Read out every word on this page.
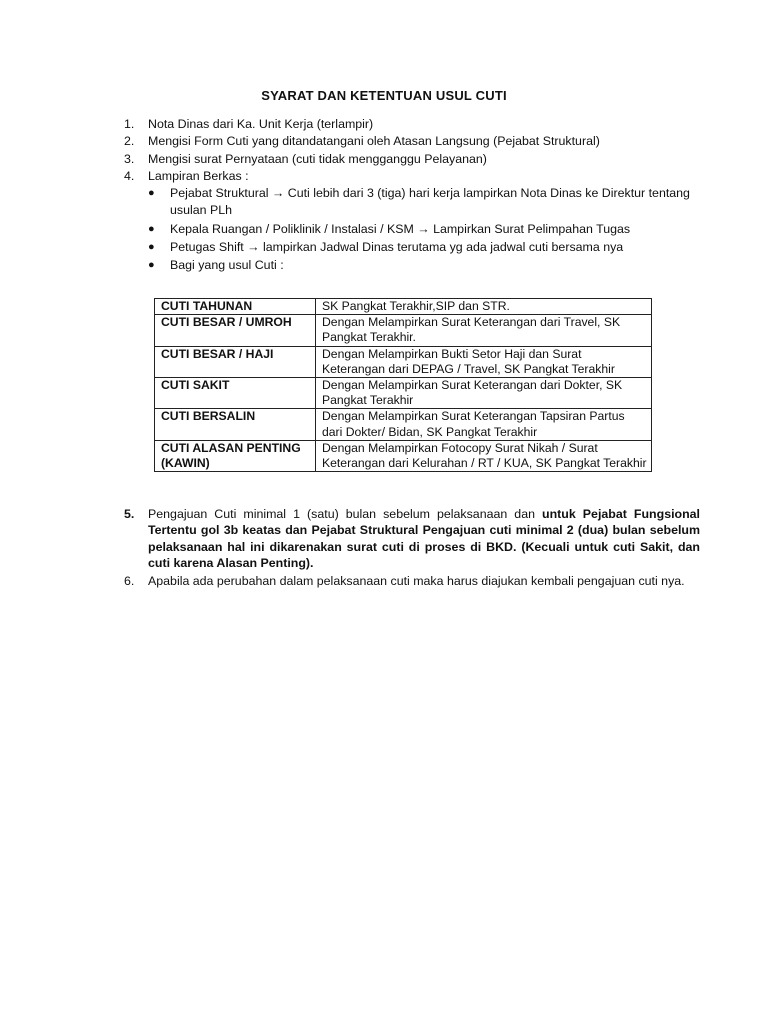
SYARAT DAN KETENTUAN USUL CUTI
1.	Nota Dinas dari Ka. Unit Kerja (terlampir)
2.	Mengisi Form Cuti yang ditandatangani oleh Atasan Langsung (Pejabat Struktural)
3.	Mengisi surat Pernyataan (cuti tidak mengganggu Pelayanan)
4.	Lampiran Berkas :
●	Pejabat Struktural → Cuti lebih dari 3 (tiga) hari kerja lampirkan Nota Dinas ke Direktur tentang usulan PLh
●	Kepala Ruangan / Poliklinik / Instalasi / KSM → Lampirkan Surat Pelimpahan Tugas
●	Petugas Shift → lampirkan Jadwal Dinas terutama yg ada jadwal cuti bersama nya
●	Bagi yang usul Cuti :
CUTI TAHUNAN	SK Pangkat Terakhir,SIP dan STR.
CUTI BESAR / UMROH	Dengan Melampirkan Surat Keterangan dari Travel, SK Pangkat Terakhir.
CUTI BESAR / HAJI	Dengan Melampirkan Bukti Setor Haji dan Surat Keterangan dari DEPAG / Travel, SK Pangkat Terakhir
CUTI SAKIT	Dengan Melampirkan Surat Keterangan dari Dokter, SK Pangkat Terakhir
CUTI BERSALIN	Dengan Melampirkan Surat Keterangan Tapsiran Partus dari Dokter/ Bidan, SK Pangkat Terakhir
CUTI ALASAN PENTING (KAWIN)	Dengan Melampirkan Fotocopy Surat Nikah / Surat Keterangan dari Kelurahan / RT / KUA, SK Pangkat Terakhir
5.	Pengajuan Cuti minimal 1 (satu) bulan sebelum pelaksanaan dan untuk Pejabat Fungsional Tertentu gol 3b keatas dan Pejabat Struktural Pengajuan cuti minimal 2 (dua) bulan sebelum pelaksanaan hal ini dikarenakan surat cuti di proses di BKD. (Kecuali untuk cuti Sakit, dan cuti karena Alasan Penting).
6.	Apabila ada perubahan dalam pelaksanaan cuti maka harus diajukan kembali pengajuan cuti nya.
